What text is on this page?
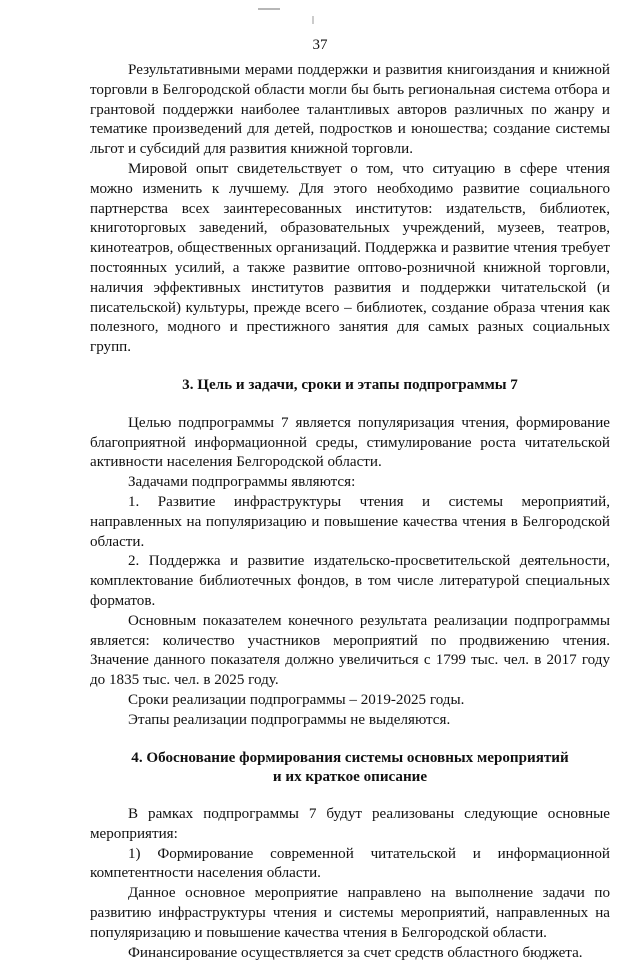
37

Результативными мерами поддержки и развития книгоиздания и книжной торговли в Белгородской области могли бы быть региональная система отбора и грантовой поддержки наиболее талантливых авторов различных по жанру и тематике произведений для детей, подростков и юношества; создание системы льгот и субсидий для развития книжной торговли.

Мировой опыт свидетельствует о том, что ситуацию в сфере чтения можно изменить к лучшему. Для этого необходимо развитие социального партнерства всех заинтересованных институтов: издательств, библиотек, книготорговых заведений, образовательных учреждений, музеев, театров, кинотеатров, общественных организаций. Поддержка и развитие чтения требует постоянных усилий, а также развитие оптово-розничной книжной торговли, наличия эффективных институтов развития и поддержки читательской (и писательской) культуры, прежде всего – библиотек, создание образа чтения как полезного, модного и престижного занятия для самых разных социальных групп.

3. Цель и задачи, сроки и этапы подпрограммы 7

Целью подпрограммы 7 является популяризация чтения, формирование благоприятной информационной среды, стимулирование роста читательской активности населения Белгородской области.

Задачами подпрограммы являются:

1. Развитие инфраструктуры чтения и системы мероприятий, направленных на популяризацию и повышение качества чтения в Белгородской области.

2. Поддержка и развитие издательско-просветительской деятельности, комплектование библиотечных фондов, в том числе литературой специальных форматов.

Основным показателем конечного результата реализации подпрограммы является: количество участников мероприятий по продвижению чтения. Значение данного показателя должно увеличиться с 1799 тыс. чел. в 2017 году до 1835 тыс. чел. в 2025 году.

Сроки реализации подпрограммы – 2019-2025 годы.

Этапы реализации подпрограммы не выделяются.

4. Обоснование формирования системы основных мероприятий
и их краткое описание

В рамках подпрограммы 7 будут реализованы следующие основные мероприятия:

1) Формирование современной читательской и информационной компетентности населения области.

Данное основное мероприятие направлено на выполнение задачи по развитию инфраструктуры чтения и системы мероприятий, направленных на популяризацию и повышение качества чтения в Белгородской области.

Финансирование осуществляется за счет средств областного бюджета.
